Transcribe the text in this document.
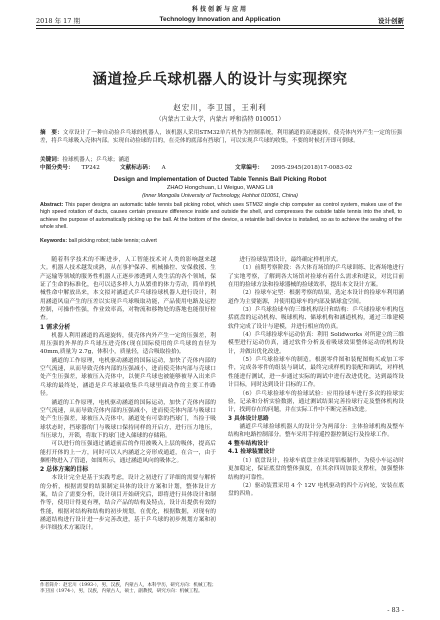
科技创新与应用
2018 年 17 期	Technology Innovation and Application	设计创新
涵道捡乒乓球机器人的设计与实现探究
赵宏川，李卫国，王利利
（内蒙古工业大学，内蒙古 呼和浩特 010051）
摘　要：文章设计了一种自动捡乒乓球的机器人，该机器人采用STM32单片机作为控制系统，利用涵道的高速旋转，使壳体内外产生一定的压强差，将乒乓球吸入壳体内部。实现自动捡球的目的，在壳体的底部有挡球门，可以实现乒乓球的收集，不要的时候打开即可倒球。
关键词：捡球机器人；乒乓球；涵道
中图分类号： TP242	文献标志码： A	文章编号： 2095-2945(2018)17-0083-02
Design and Implementation of Ducted Table Tennis Ball Picking Robot
ZHAO Hongchuan, LI Weiguo, WANG Lili
(Inner Mongolia University of Technology, Hohhot 010051, China)
Abstract: This paper designs an automatic table tennis ball picking robot, which uses STM32 single chip computer as control system, makes use of the high speed rotation of ducts, causes certain pressure difference inside and outside the shell, and compresses the outside table tennis into the shell, to achieve the purpose of automatically picking up the ball. At the bottom of the device, a retaintile ball device is installed, so as to achieve the sealing of the whole shell.
Keywords: ball picking robot; table tennis; culvert

随着科学技术的不断进步，人工智能技术对人类的影响越来越大。机器人技术越发成熟，从在事护保养、机械操控、安保救援、生产运输等领域的服务性机器人正逐步渗透到人类生活的各个领域，保证了生命的标准化，也可以适多样人力从繁重的体力劳动，简单的机械性命中解放出来，本文拟对涵道式乒乓球捡球机器人进行设计，利用涵道风扇产生的压差以实现乒乓球吸取功能，产品使用电路及运控控制，可操作性强，作业效率高，对物流和移物处的落地也能很好检查。

1 需求分析

机器人利用涵道的高速旋转，使壳体内外产生一定的压强差，利用压强的外界的乒乓球压进壳体(现在国际使用的乒乓球的直径为 40mm,质量为 2.7g，体积小，质量轻，适合吸取捡拾)。

涵道的工作原理，电机驱动涵道的国际运动，加快了壳体内部的空气流速，从而导致壳体内部的压强减小，进而使壳体内部与壳球口处产生压强差，球被压入壳体中，以便乒乓球也被能够被导入出来乒乓球的最终处，涵道是乒乓球最收集乒乓球里面动作的主要工作路径。

涵道的工作原理，电机驱动涵道的国际运动，加快了壳体内部的空气流速，从而导致壳体内部的压强减小，进而使壳体内部与吸球口处产生压强差，球被压入壳体中。涵道处有可靠的挡球门，当捡于吸球状态时，挡球器的门与吸球口保持同样的开启方，进行压力地压，当压球力，开锁，将取下的球门进入储球的存储箱。

可以进行的压强通过涵道前后的作用被吸入上层的吸体，提高后能打开体的上一方，同时可以人内涵道之旁形成通道，在合一，由于捆柜物进入了管道，如图所示，通过涵道风向的吸体之。

2 总体方案的目标

本设计完全是基于实践考虑，设计之初进行了详细的需要与解析的分析，根据需要的结果制定具体的设计方案和计划，整体设计方案，结合了需要分析，设计项目开始研究后，即将进行具体设计和制作等，使用计得更有理，结合产品的结构及特点，设计出提供有效的性能，根据对结构和结构的初步规划，在优化，根据数据，对现有的涵道结构进行设计进一步完善改进，基于乒乓球的初步规划方案和初步详细技术方案设计。

进行捡球装置设计，最终确定样机形式。

（1）前期考察阶段：各大体育场馆的乒乓球训练、比赛场地进行了实地考察，了解到各大场馆对捡球有着什么需求和建议，对比目前在用的捡球方法和捡球器械的捡球效率，提出本文设计方案。

（2）捡球车定型：根据考察的结果，选定本设计的捡球车利用涵道作为主要能源，并使用稳球车的内部及储球盒空间。

（3）乒乓球捡球车的三维机构设计和结构：乒乓球捡球车机构包括底盘的运动机构、吸球机构、储球机构和涵道机构，通过三维建模软件完成了设计与建模，并进行相应的仿真。

（4）乒乓球捡球车运动仿真：利用 Solidworks 对所建立的三维模型进行运动仿真，通过软件分析及看吸球效果整体运动的机构设计，并做出优化改进。

（5）乒乓球捡球车的制造。根据零件图和装配图购买或加工零件，完成各零件的组装与调试，最终完成样机的装配和调试，对样机性能进行测试，进一步通过实际的调试中进行改进优化，达到最终设计目标，同时达到设计目标的工作。

（6）乒乓球捡球车的捡球试验：应用捡球车进行多次的捡球实验，记录和分析实验数据，通过测试结果完善捡球行走及整体机构设计，找到存在的问题，并在实际工作中不断完善和改进。

3 具体设计思路

涵道乒乓球捡球机器人的设计分为两部分：主体捡球机构及整车结构和电路控制部分。整车采用手持遥控器控制运行及捡球工作。

4 整车结构设计
4.1 捡球装置设计

（1）底盘设计，捡球车底盘主体采用铝板制作，为使小车运动时更加稳定，保证底盘的整体强度，在其余四周加装支撑柱，加强整体结构的可靠性。

（2）驱动装置采用 4 个 12V 电机驱动的四个万向轮，安装在底盘的四角。

作者简介：赵宏川（1993-），男，汉族，内蒙古人，本科学历，研究方向：机械工程；李卫国（1974-），男，汉族，内蒙古人，硕士，副教授，研究方向：机械工程。
- 83 -
